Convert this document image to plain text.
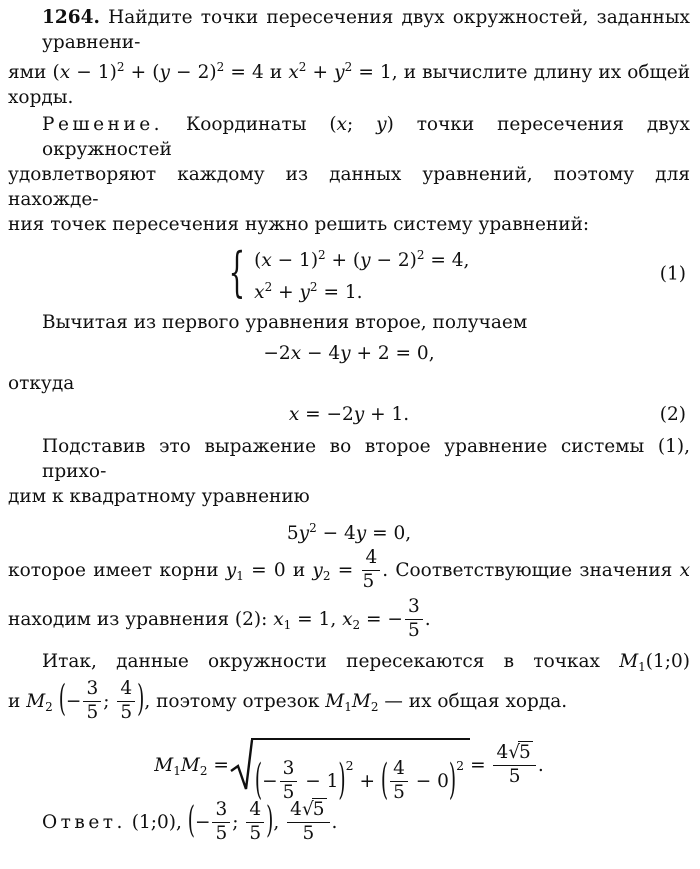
1264. Найдите точки пересечения двух окружностей, заданных уравнени-
ями $(x - 1)^2 + (y - 2)^2 = 4$ и $x^2 + y^2 = 1$, и вычислите длину их общей хорды.
Решение. Координаты (x; y) точки пересечения двух окружностей
удовлетворяют каждому из данных уравнений, поэтому для нахожде-
ния точек пересечения нужно решить систему уравнений:
{ $(x - 1)^2 + (y - 2)^2 = 4$,
$x^2 + y^2 = 1$.
(1)
Вычитая из первого уравнения второе, получаем
−2x − 4y + 2 = 0,
откуда
x = −2y + 1.	(2)
Подставив это выражение во второе уравнение системы (1), прихо-
дим к квадратному уравнению
$5y^2 - 4y = 0$,
которое имеет корни $y_1 = 0$ и $y_2 = \frac{4}{5}$ . Соответствующие значения x
находим из уравнения (2): $x_1 = 1$, $x_2$ = − $\frac{3}{5}$ .
Итак, данные окружности пересекаются в точках $M_1(1;0)$
и $M_2$ (− $\frac{3}{5}$ ; $\frac{4}{5}$ ), поэтому отрезок $M_1M_2$ — их общая хорда.
$M_1M_2$ = (− $\frac{3}{5} - 1)^2$ + ( $\frac{4}{5} - 0)^2 = \frac{4√5}{5}$ .
Ответ. (1;0), (− $\frac{3}{5}$ ; $\frac{4}{5}$ ), $\frac{4√5}{5}$ .
